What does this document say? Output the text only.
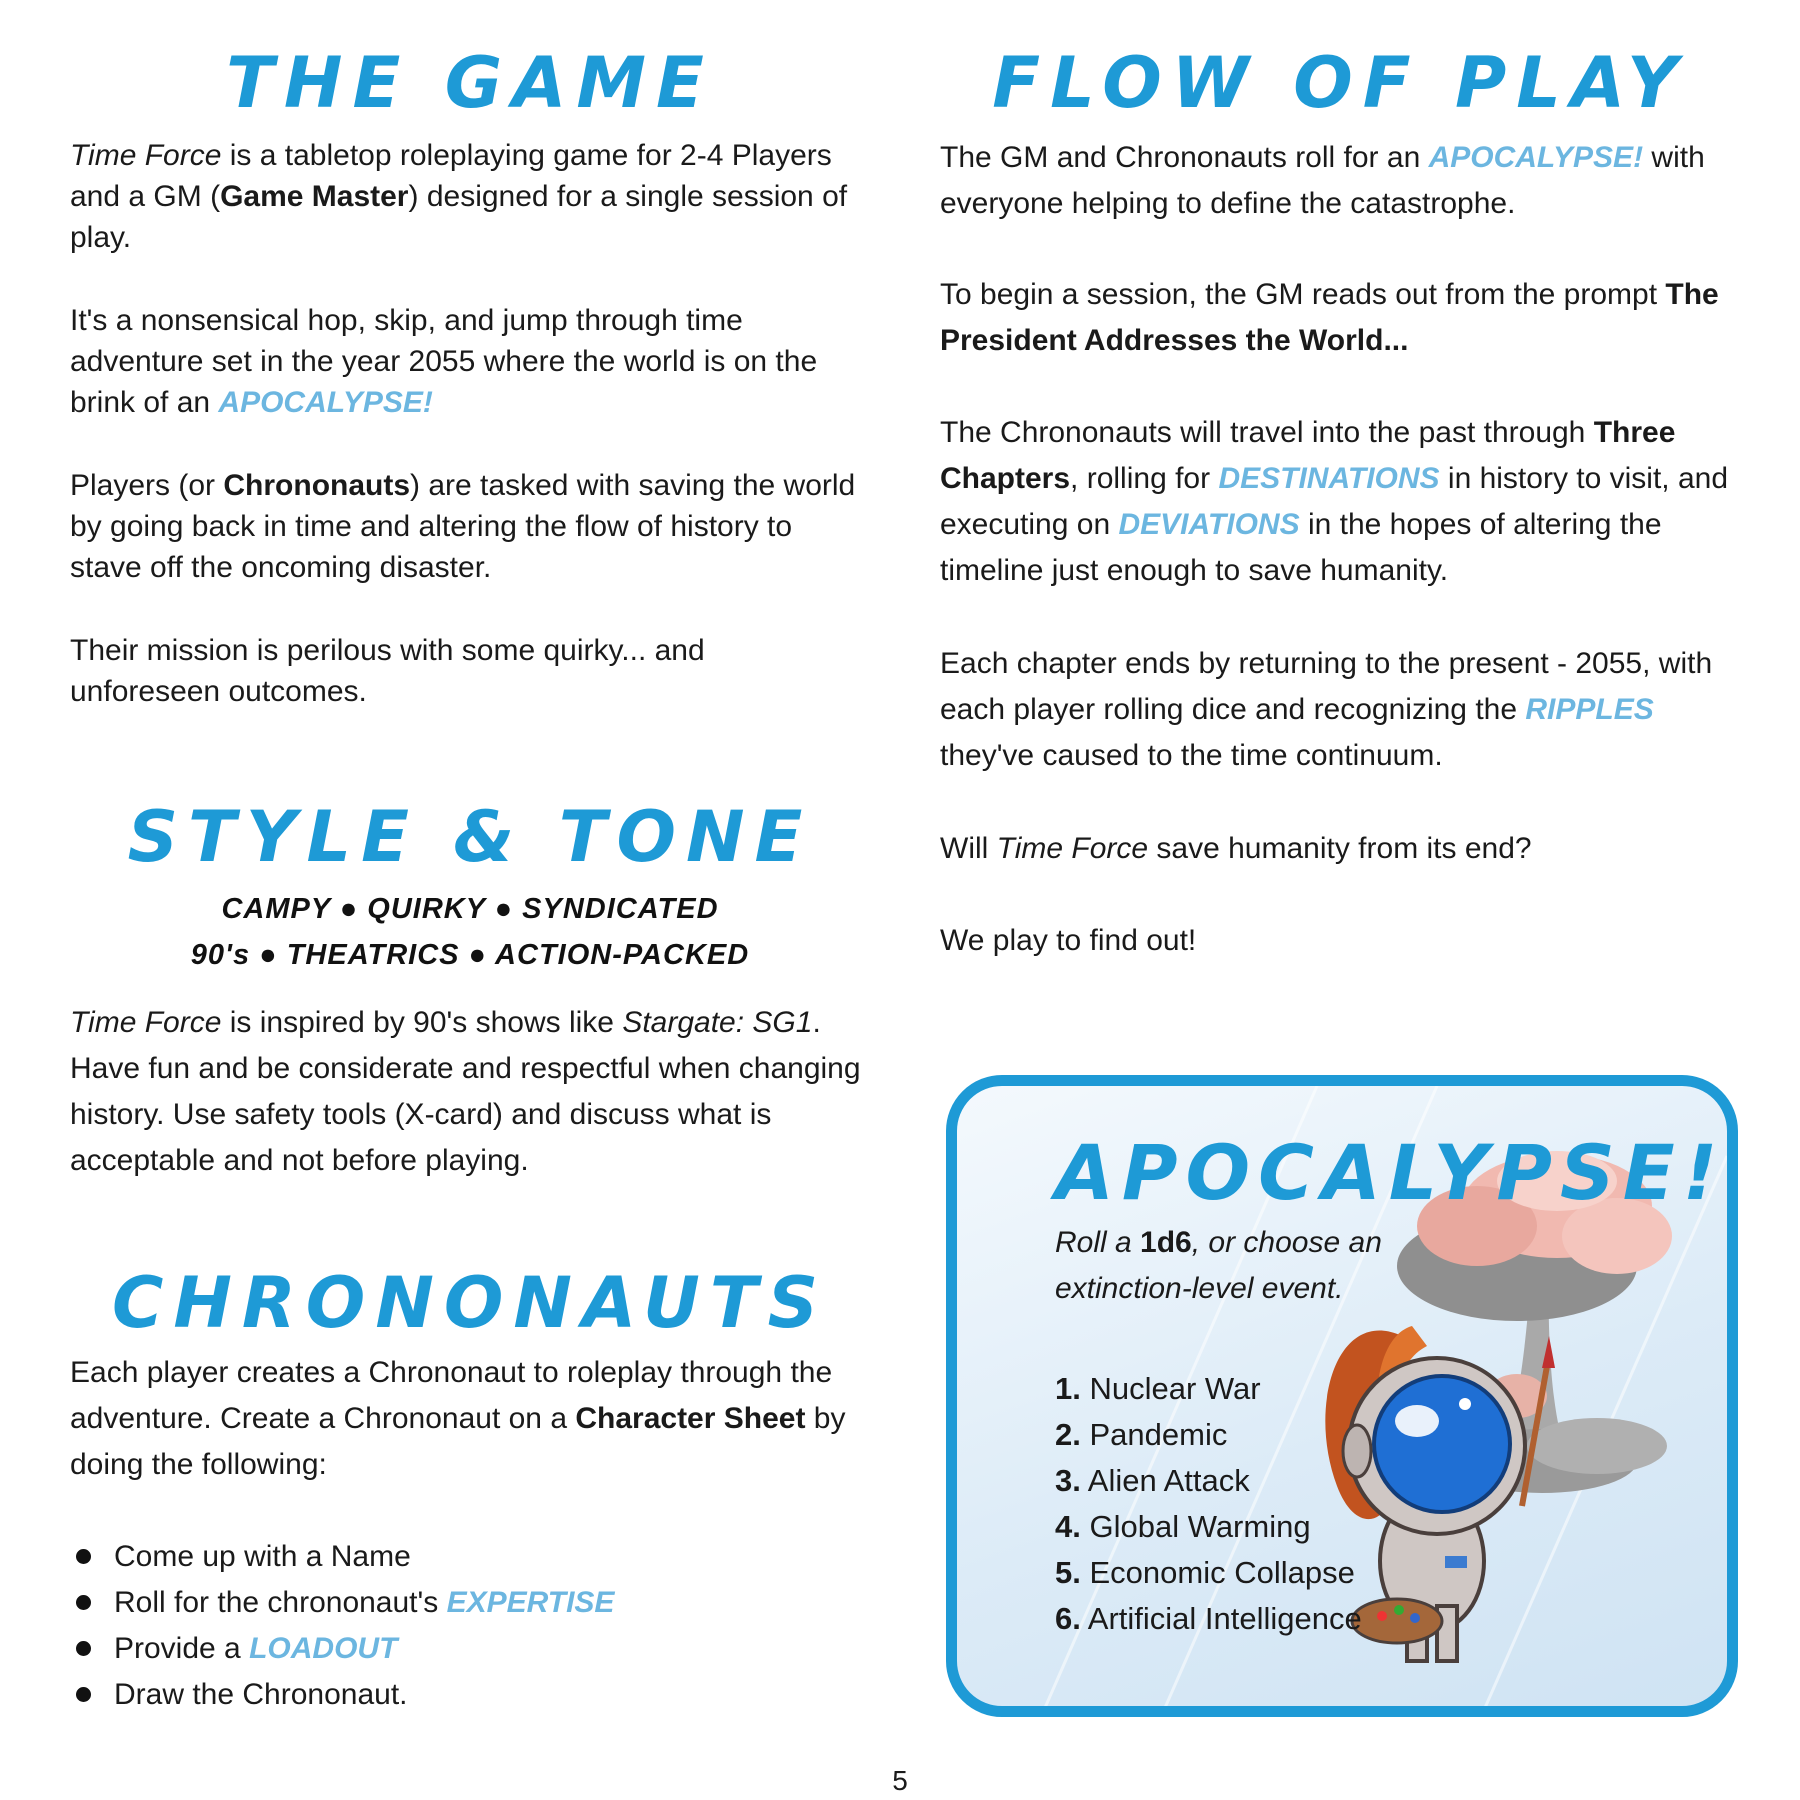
THE GAME

Time Force is a tabletop roleplaying game for 2-4 Players and a GM (Game Master) designed for a single session of play.

It's a nonsensical hop, skip, and jump through time adventure set in the year 2055 where the world is on the brink of an APOCALYPSE!

Players (or Chrononauts) are tasked with saving the world by going back in time and altering the flow of history to stave off the oncoming disaster.

Their mission is perilous with some quirky... and unforeseen outcomes.

STYLE & TONE
CAMPY ● QUIRKY ● SYNDICATED
90's ● THEATRICS ● ACTION-PACKED

Time Force is inspired by 90's shows like Stargate: SG1. Have fun and be considerate and respectful when changing history. Use safety tools (X-card) and discuss what is acceptable and not before playing.

CHRONONAUTS

Each player creates a Chrononaut to roleplay through the adventure. Create a Chrononaut on a Character Sheet by doing the following:

Come up with a Name
Roll for the chrononaut's EXPERTISE
Provide a LOADOUT
Draw the Chrononaut.
FLOW OF PLAY

The GM and Chrononauts roll for an APOCALYPSE! with everyone helping to define the catastrophe.

To begin a session, the GM reads out from the prompt The President Addresses the World...

The Chrononauts will travel into the past through Three Chapters, rolling for DESTINATIONS in history to visit, and executing on DEVIATIONS in the hopes of altering the timeline just enough to save humanity.

Each chapter ends by returning to the present - 2055, with each player rolling dice and recognizing the RIPPLES they've caused to the time continuum.

Will Time Force save humanity from its end?

We play to find out!

APOCALYPSE!
Roll a 1d6, or choose an extinction-level event.
1. Nuclear War
2. Pandemic
3. Alien Attack
4. Global Warming
5. Economic Collapse
6. Artificial Intelligence
5
